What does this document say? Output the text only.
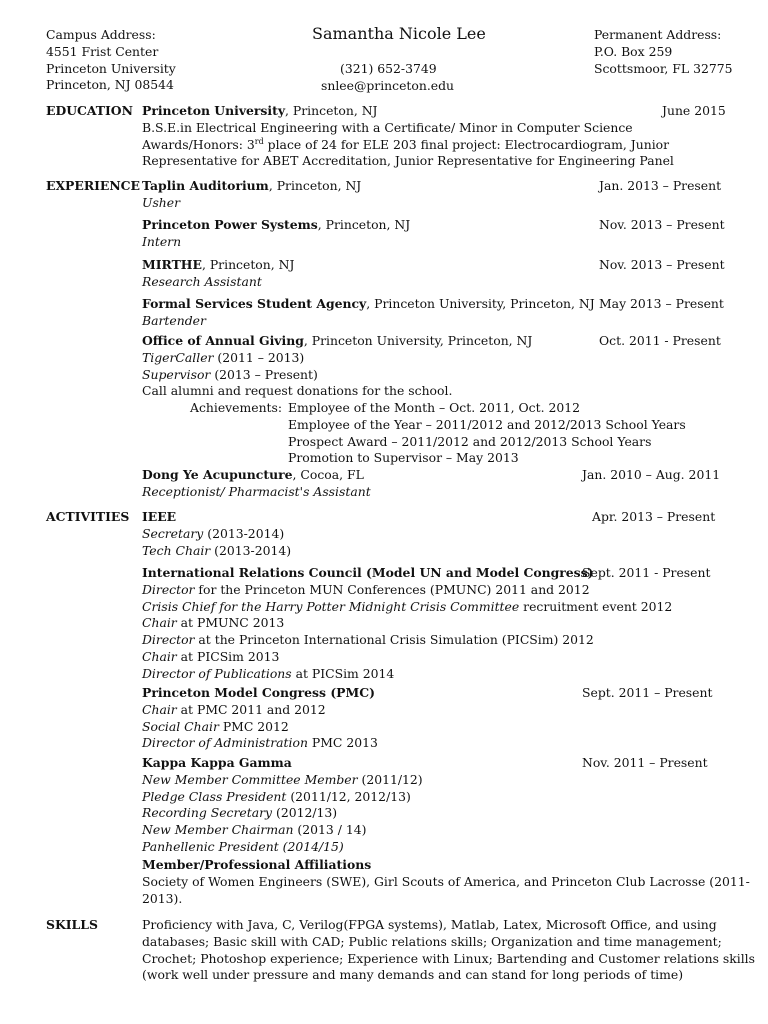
Campus Address:
4551 Frist Center
Princeton University
Princeton, NJ 08544
Samantha Nicole Lee
(321) 652-3749
snlee@princeton.edu
Permanent Address:
P.O. Box 259
Scottsmoor, FL 32775
EDUCATION Princeton University, Princeton, NJ
B.S.E.in Electrical Engineering with a Certificate/ Minor in Computer Science
Awards/Honors: 3rd place of 24 for ELE 203 final project: Electrocardiogram, Junior
Representative for ABET Accreditation, Junior Representative for Engineering Panel
June 2015
EXPERIENCE Taplin Auditorium, Princeton, NJ
Usher
Jan. 2013 – Present
Princeton Power Systems, Princeton, NJ
Intern
Nov. 2013 – Present
MIRTHE, Princeton, NJ
Research Assistant
Nov. 2013 – Present
Formal Services Student Agency, Princeton University, Princeton, NJ
Bartender
May 2013 – Present
Office of Annual Giving, Princeton University, Princeton, NJ
TigerCaller (2011 – 2013)
Supervisor (2013 – Present)
Call alumni and request donations for the school.
Oct. 2011 - Present
Achievements: Employee of the Month – Oct. 2011, Oct. 2012
Employee of the Year – 2011/2012 and 2012/2013 School Years
Prospect Award – 2011/2012 and 2012/2013 School Years
Promotion to Supervisor – May 2013
Dong Ye Acupuncture, Cocoa, FL
Receptionist/ Pharmacist's Assistant
Jan. 2010 – Aug. 2011
ACTIVITIES IEEE
Secretary (2013-2014)
Tech Chair (2013-2014)
Apr. 2013 – Present
International Relations Council (Model UN and Model Congress)
Director for the Princeton MUN Conferences (PMUNC) 2011 and 2012
Crisis Chief for the Harry Potter Midnight Crisis Committee recruitment event 2012
Chair at PMUNC 2013
Director at the Princeton International Crisis Simulation (PICSim) 2012
Chair at PICSim 2013
Director of Publications at PICSim 2014
Sept. 2011 - Present
Princeton Model Congress (PMC)
Chair at PMC 2011 and 2012
Social Chair PMC 2012
Director of Administration PMC 2013
Sept. 2011 – Present
Kappa Kappa Gamma
New Member Committee Member (2011/12)
Pledge Class President (2011/12, 2012/13)
Recording Secretary (2012/13)
New Member Chairman (2013 / 14)
Panhellenic President (2014/15)
Nov. 2011 – Present
Member/Professional Affiliations
Society of Women Engineers (SWE), Girl Scouts of America, and Princeton Club Lacrosse (2011-
2013).
SKILLS	Proficiency with Java, C, Verilog(FPGA systems), Matlab, Latex, Microsoft Office, and using
databases; Basic skill with CAD; Public relations skills; Organization and time management;
Crochet; Photoshop experience; Experience with Linux; Bartending and Customer relations skills
(work well under pressure and many demands and can stand for long periods of time)
